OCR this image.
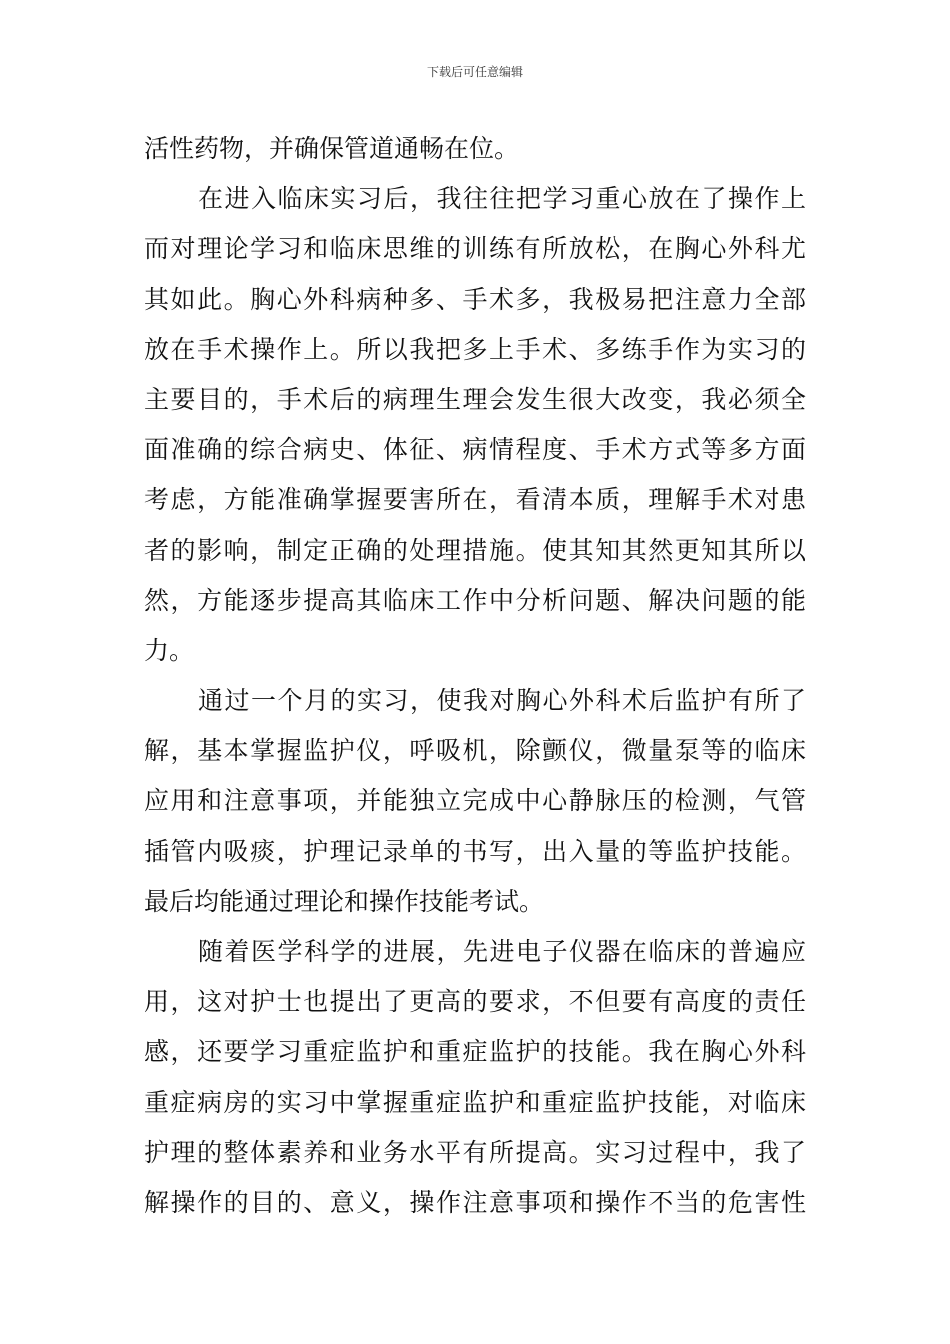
下载后可任意编辑
活性药物，并确保管道通畅在位。
在进入临床实习后，我往往把学习重心放在了操作上
而对理论学习和临床思维的训练有所放松，在胸心外科尤
其如此。胸心外科病种多、手术多，我极易把注意力全部
放在手术操作上。所以我把多上手术、多练手作为实习的
主要目的，手术后的病理生理会发生很大改变，我必须全
面准确的综合病史、体征、病情程度、手术方式等多方面
考虑，方能准确掌握要害所在，看清本质，理解手术对患
者的影响，制定正确的处理措施。使其知其然更知其所以
然，方能逐步提高其临床工作中分析问题、解决问题的能
力。
通过一个月的实习，使我对胸心外科术后监护有所了
解，基本掌握监护仪，呼吸机，除颤仪，微量泵等的临床
应用和注意事项，并能独立完成中心静脉压的检测，气管
插管内吸痰，护理记录单的书写，出入量的等监护技能。
最后均能通过理论和操作技能考试。
随着医学科学的进展，先进电子仪器在临床的普遍应
用，这对护士也提出了更高的要求，不但要有高度的责任
感，还要学习重症监护和重症监护的技能。我在胸心外科
重症病房的实习中掌握重症监护和重症监护技能，对临床
护理的整体素养和业务水平有所提高。实习过程中，我了
解操作的目的、意义，操作注意事项和操作不当的危害性
